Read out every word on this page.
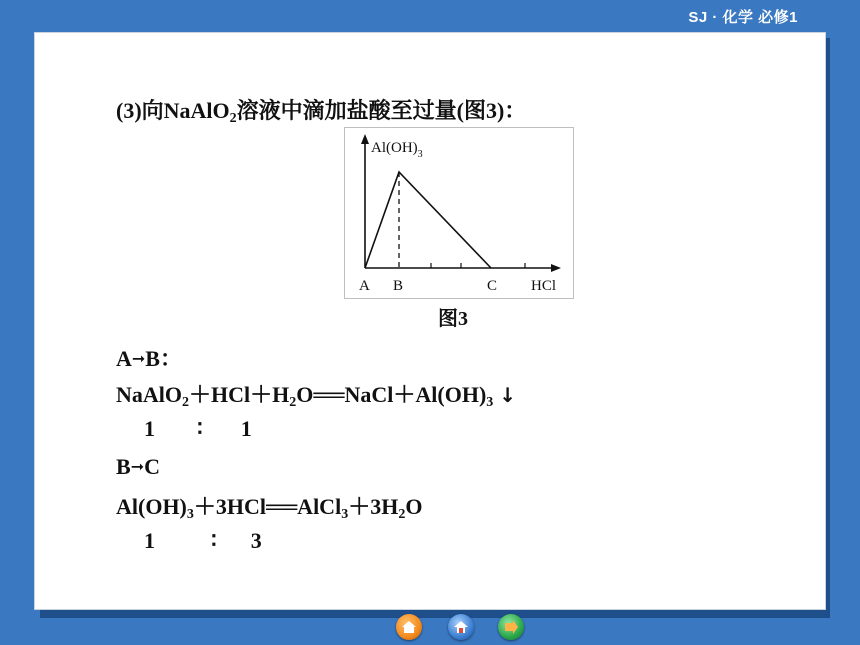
SJ · 化学 必修1
(3)向NaAlO$_2$溶液中滴加盐酸至过量(图3)：
A➞B：
$NaAlO_2+HCl+H_2O══NaCl+Al(OH)_3$ ↓
1 ∶ 1
B➞C
$Al(OH)_3+3HCl══AlCl_3+3H_2O$
1	∶ 3
$Al(OH)_3$
A B	C HCl
图3
